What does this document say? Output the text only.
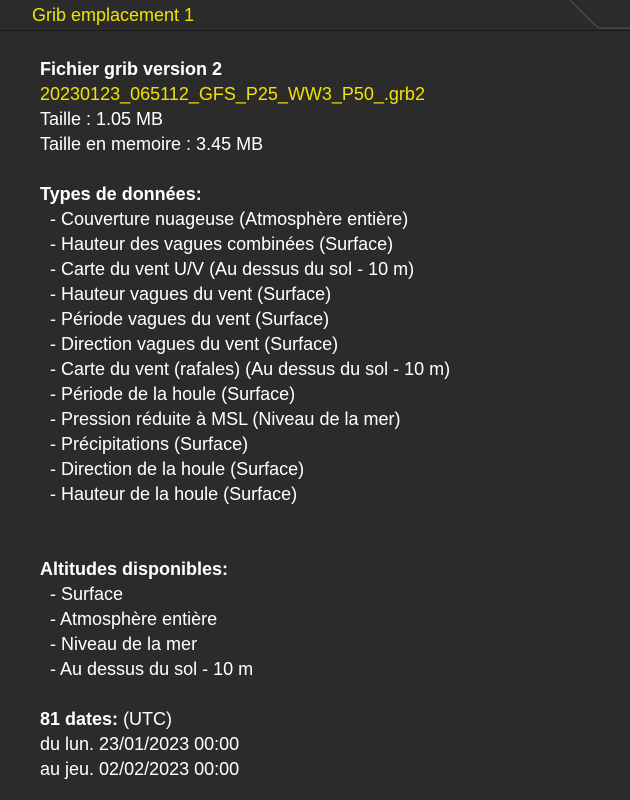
Grib emplacement 1
Fichier grib version 2
20230123_065112_GFS_P25_WW3_P50_.grb2
Taille : 1.05 MB
Taille en memoire : 3.45 MB
Types de données:
- Couverture nuageuse (Atmosphère entière)
- Hauteur des vagues combinées (Surface)
- Carte du vent U/V (Au dessus du sol - 10 m)
- Hauteur vagues du vent (Surface)
- Période vagues du vent (Surface)
- Direction vagues du vent (Surface)
- Carte du vent (rafales) (Au dessus du sol - 10 m)
- Période de la houle (Surface)
- Pression réduite à MSL (Niveau de la mer)
- Précipitations (Surface)
- Direction de la houle (Surface)
- Hauteur de la houle (Surface)
Altitudes disponibles:
- Surface
- Atmosphère entière
- Niveau de la mer
- Au dessus du sol - 10 m
81 dates: (UTC)
du lun. 23/01/2023 00:00
au jeu. 02/02/2023 00:00
